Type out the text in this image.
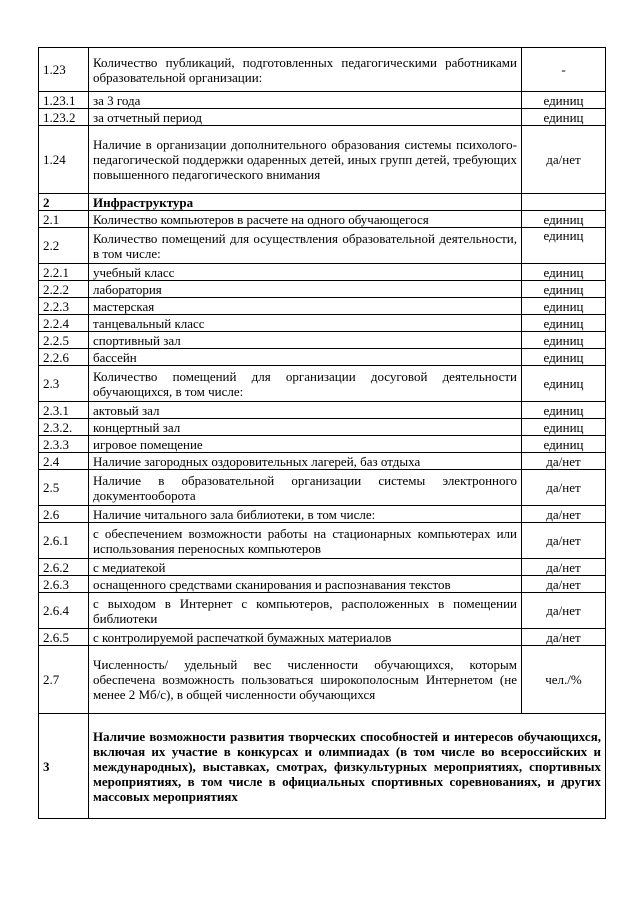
1.23	Количество публикаций, подготовленных педагогическими работниками образовательной организации:	-
1.23.1	за 3 года	единиц
1.23.2	за отчетный период	единиц
1.24	Наличие в организации дополнительного образования системы психолого-педагогической поддержки одаренных детей, иных групп детей, требующих повышенного педагогического внимания	да/нет
2	Инфраструктура	
2.1	Количество компьютеров в расчете на одного обучающегося	единиц
2.2	Количество помещений для осуществления образовательной деятельности, в том числе:	единиц
2.2.1	учебный класс	единиц
2.2.2	лаборатория	единиц
2.2.3	мастерская	единиц
2.2.4	танцевальный класс	единиц
2.2.5	спортивный зал	единиц
2.2.6	бассейн	единиц
2.3	Количество помещений для организации досуговой деятельности обучающихся, в том числе:	единиц
2.3.1	актовый зал	единиц
2.3.2.	концертный зал	единиц
2.3.3	игровое помещение	единиц
2.4	Наличие загородных оздоровительных лагерей, баз отдыха	да/нет
2.5	Наличие в образовательной организации системы электронного документооборота	да/нет
2.6	Наличие читального зала библиотеки, в том числе:	да/нет
2.6.1	с обеспечением возможности работы на стационарных компьютерах или использования переносных компьютеров	да/нет
2.6.2	с медиатекой	да/нет
2.6.3	оснащенного средствами сканирования и распознавания текстов	да/нет
2.6.4	с выходом в Интернет с компьютеров, расположенных в помещении библиотеки	да/нет
2.6.5	с контролируемой распечаткой бумажных материалов	да/нет
2.7	Численность/ удельный вес численности обучающихся, которым обеспечена возможность пользоваться широкополосным Интернетом (не менее 2 Мб/с), в общей численности обучающихся	чел./%
3	Наличие возможности развития творческих способностей и интересов обучающихся, включая их участие в конкурсах и олимпиадах (в том числе во всероссийских и международных), выставках, смотрах, физкультурных мероприятиях, спортивных мероприятиях, в том числе в официальных спортивных соревнованиях, и других массовых мероприятиях	
